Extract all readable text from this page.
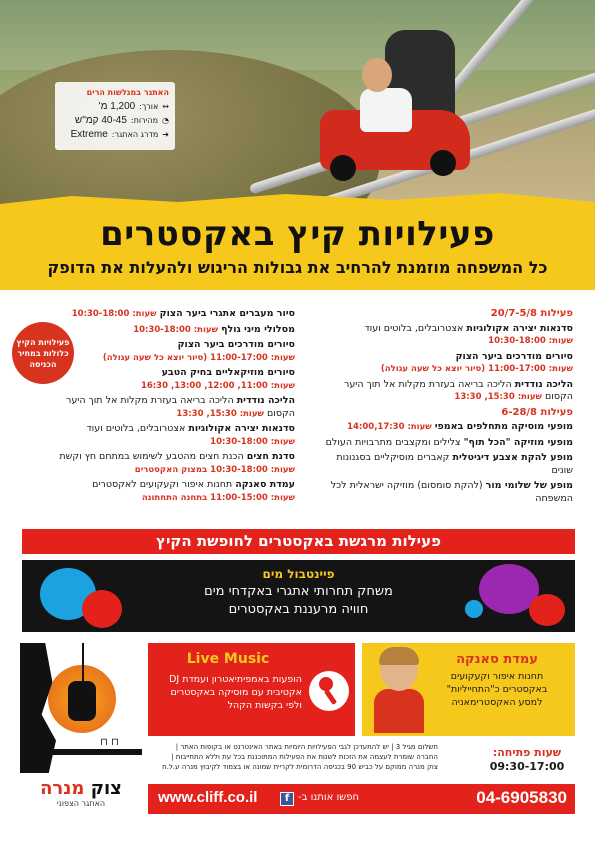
האתגר במגלשות הרים
↔
אורך:
1,200 מ'
◔
מהירות:
40-45 קמ"ש
➜
מדרג האתגר:
Extreme
פעילויות קיץ באקסטרים
כל המשפחה מוזמנת להרחיב את גבולות הריגוש ולהעלות את הדופק
פעילות 20/7-5/8
סדנאות יצירה אקולוגיות אצטרובלים, בלוטים ועוד
שעות: 10:30-18:00
סיורים מודרכים ביער הצוק
שעות: 11:00-17:00 (סיור יוצא כל שעה עגולה)
הליכה נודדית הליכה בריאה בעזרת מקלות אל תוך היער הקסום שעות: 15:30, 13:30
פעילות 6-28/8
מופעי מוסיקה מתחלפים באמפי שעות: 14:00,17:30
מופעי מוזיקה "הכל תוף" צלילים ומקצבים מתרבויות העולם
מופע להקת אצבע דיגיטלית קאברים מוסיקליים בסגנונות שונים
מופע של שלומי מור (להקת סומסום) מוזיקה ישראלית לכל המשפחה
סיור מעברים אתגרי ביער הצוק שעות: 10:30-18:00
מסלולי מיני גולף שעות: 10:30-18:00
סיורים מודרכים ביער הצוק
שעות: 11:00-17:00 (סיור יוצא כל שעה עגולה)
סיורים מוזיקאליים בחיק הטבע
שעות: 11:00, 12:00, 13:00, 16:30
הליכה נודדית הליכה בריאה בעזרת מקלות אל תוך היער הקסום שעות: 15:30, 13:30
סדנאות יצירה אקולוגיות אצטרובלים, בלוטים ועוד
שעות: 10:30-18:00
סדנת חצים הכנת חצים מהטבע לשימוש במתחם חץ וקשת
שעות: 10:30-18:00 במצוק האקסטרים
עמדת סאנקה תחנות איפור וקעקועים לאקסטרים
שעות: 11:00-15:00 בתחנה התחתונה
פעילויות הקיץ כלולות במחיר הכניסה
פעילות מרגשת באקסטרים לחופשת הקיץ
פיינטבול מים
משחק תחרותי אתגרי באקדחי מים
חוויה מרעננת באקסטרים
עמדת סאנקה
תחנות איפור וקעקועים
באקסטרים כ"התחייליות"
למסע האקסטרימאניה
Live Music
הופעות באמפיתיאטרון ועמדת DJ
אקטיבית עם מוסיקה באקסטרים
ולפי בקשות הקהל
⊓ ⊓
שעות פתיחה:
09:30-17:00
תשלום מגיל 3 | יש להתעדכן לגבי הפעילויות היומיות באתר האינטרנט או בקופות האתר |
החברה שומרת לעצמה את הזכות לשנות את הפעילות המתוכננת בכל עת וללא התחייבות |
צוק מנרה ממוקם על כביש 90 בכניסה הדרומית לקריית שמונה או בצמוד לקיבוץ מנרה ע.ל.ח
04-6905830
חפשו אותנו ב-
f
www.cliff.co.il
צוק מנרה
האתגר הצפוני
